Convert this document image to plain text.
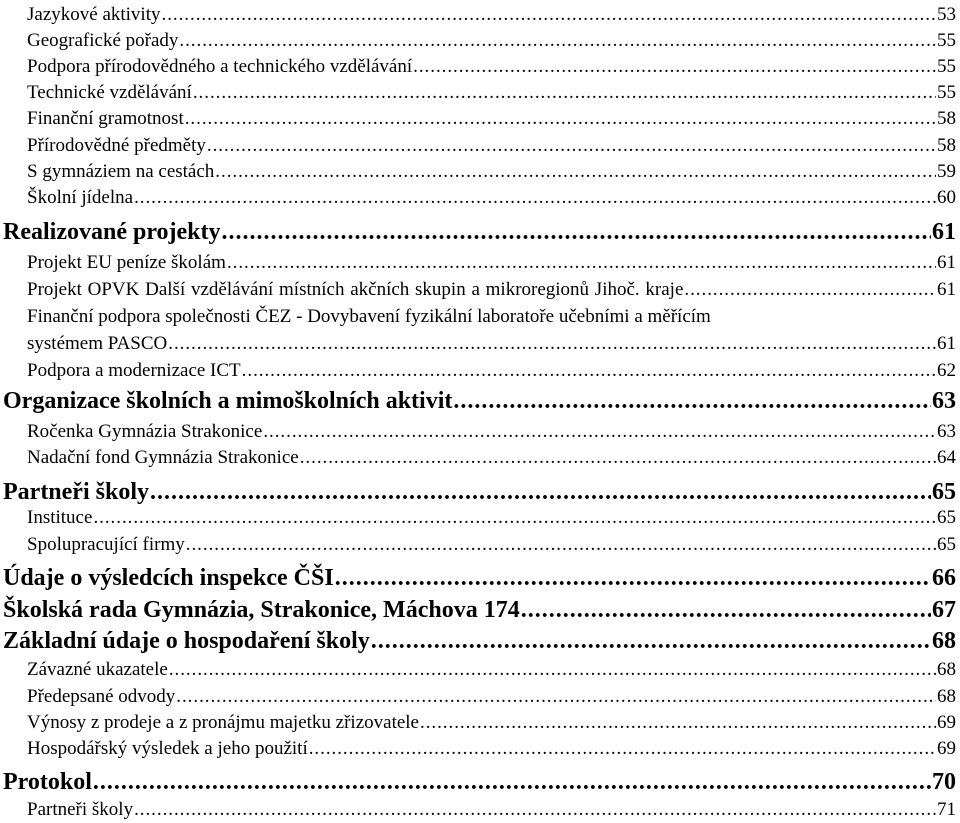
Jazykové aktivity . . .	53
Geografické pořady . . .	55
Podpora přírodovědného a technického vzdělávání . . .	55
Technické vzdělávání . . .	55
Finanční gramotnost . . .	58
Přírodovědné předměty . . .	58
S gymnáziem na cestách . . .	59
Školní jídelna . . .	60
Realizované projekty . . .	61
Projekt EU peníze školám . . .	61
Projekt OPVK Další vzdělávání místních akčních skupin a mikroregionů Jihoč. kraje . . .	61
Finanční podpora společnosti ČEZ - Dovybavení fyzikální laboratoře učebními a měřícím
systémem PASCO . . .	61
Podpora a modernizace ICT . . .	62
Organizace školních a mimoškolních aktivit . . .	63
Ročenka Gymnázia Strakonice . . .	63
Nadační fond Gymnázia Strakonice . . .	64
Partneři školy . . .	65
Instituce . . .	65
Spolupracující firmy . . .	65
Údaje o výsledcích inspekce ČŠI . . .	66
Školská rada Gymnázia, Strakonice, Máchova 174 . . .	67
Základní údaje o hospodaření školy . . .	68
Závazné ukazatele . . .	68
Předepsané odvody . . .	68
Výnosy z prodeje a z pronájmu majetku zřizovatele . . .	69
Hospodářský výsledek a jeho použití . . .	69
Protokol . . .	70
Partneři školy . . .	71
